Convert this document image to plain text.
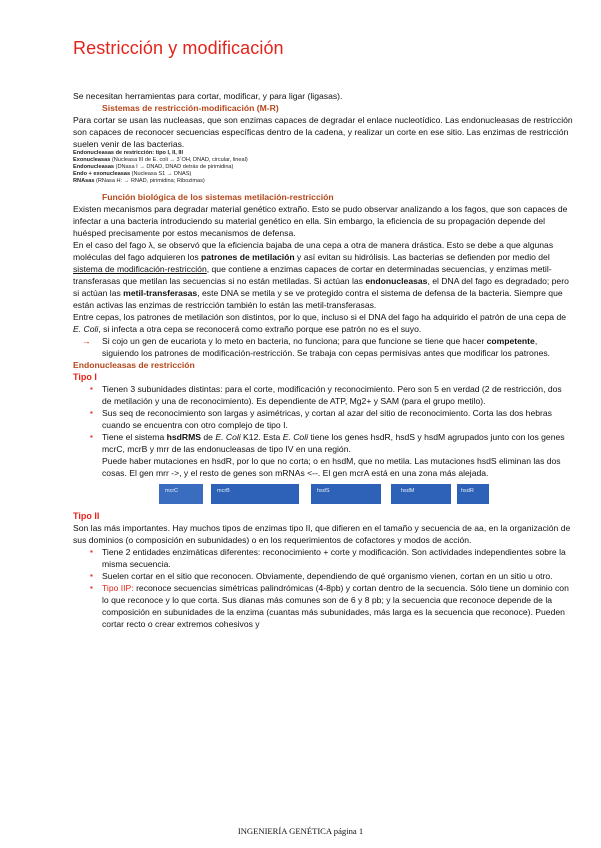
Restricción y modificación

Se necesitan herramientas para cortar, modificar, y para ligar (ligasas).

Sistemas de restricción-modificación (M-R)

Para cortar se usan las nucleasas, que son enzimas capaces de degradar el enlace nucleotídico. Las endonucleasas de restricción son capaces de reconocer secuencias específicas dentro de la cadena, y realizar un corte en ese sitio. Las enzimas de restricción suelen venir de las bacterias.

Endonucleasas de restricción: tipo I, II, III

Exonucleasas (Nucleasa III de E. coli → 3´OH, DNAD, circular, lineal)

Endonucleasas (DNasa I → DNAD, DNAD detrás de pirimidina)

Endo + exonucleasas (Nucleasa S1 → DNAS)

RNAsas (RNasa H: → RNAD, pirimidina; Ribozimas)

Función biológica de los sistemas metilación-restricción

Existen mecanismos para degradar material genético extraño. Esto se pudo observar analizando a los fagos, que son capaces de infectar a una bacteria introduciendo su material genético en ella. Sin embargo, la eficiencia de su propagación depende del huésped precisamente por estos mecanismos de defensa.

En el caso del fago λ, se observó que la eficiencia bajaba de una cepa a otra de manera drástica. Esto se debe a que algunas moléculas del fago adquieren los patrones de metilación y así evitan su hidrólisis. Las bacterias se defienden por medio del sistema de modificación-restricción, que contiene a enzimas capaces de cortar en determinadas secuencias, y enzimas metil-transferasas que metilan las secuencias si no están metiladas. Si actúan las endonucleasas, el DNA del fago es degradado; pero si actúan las metil-transferasas, este DNA se metila y se ve protegido contra el sistema de defensa de la bacteria. Siempre que están activas las enzimas de restricción también lo están las metil-transferasas.

Entre cepas, los patrones de metilación son distintos, por lo que, incluso si el DNA del fago ha adquirido el patrón de una cepa de E. Coli, si infecta a otra cepa se reconocerá como extraño porque ese patrón no es el suyo.

→ Si cojo un gen de eucariota y lo meto en bacteria, no funciona; para que funcione se tiene que hacer competente, siguiendo los patrones de modificación-restricción. Se trabaja con cepas permisivas antes que modificar los patrones.

Endonucleasas de restricción

Tipo I

▪ Tienen 3 subunidades distintas: para el corte, modificación y reconocimiento. Pero son 5 en verdad (2 de restricción, dos de metilación y una de reconocimiento). Es dependiente de ATP, Mg2+ y SAM (para el grupo metilo).
▪ Sus seq de reconocimiento son largas y asimétricas, y cortan al azar del sitio de reconocimiento. Corta las dos hebras cuando se encuentra con otro complejo de tipo I.
▪ Tiene el sistema hsdRMS de E. Coli K12. Esta E. Coli tiene los genes hsdR, hsdS y hsdM agrupados junto con los genes mcrC, mcrB y mrr de las endonucleasas de tipo IV en una región.
Puede haber mutaciones en hsdR, por lo que no corta; o en hsdM, que no metila. Las mutaciones hsdS eliminan las dos cosas. El gen mrr ->, y el resto de genes son mRNAs <--. El gen mcrA está en una zona más alejada.
mcrC	mcrB	hsdS	hsdM	hsdR

Tipo II

Son las más importantes. Hay muchos tipos de enzimas tipo II, que difieren en el tamaño y secuencia de aa, en la organización de sus dominios (o composición en subunidades) o en los requerimientos de cofactores y modos de acción.

▪ Tiene 2 entidades enzimáticas diferentes: reconocimiento + corte y modificación. Son actividades independientes sobre la misma secuencia.
▪ Suelen cortar en el sitio que reconocen. Obviamente, dependiendo de qué organismo vienen, cortan en un sitio u otro.
▪ Tipo IIP: reconoce secuencias simétricas palindrómicas (4-8pb) y cortan dentro de la secuencia. Sólo tiene un dominio con lo que reconoce y lo que corta. Sus dianas más comunes son de 6 y 8 pb; y la secuencia que reconoce depende de la composición en subunidades de la enzima (cuantas más subunidades, más larga es la secuencia que reconoce). Pueden cortar recto o crear extremos cohesivos y
INGENIERÍA GENÉTICA página 1
